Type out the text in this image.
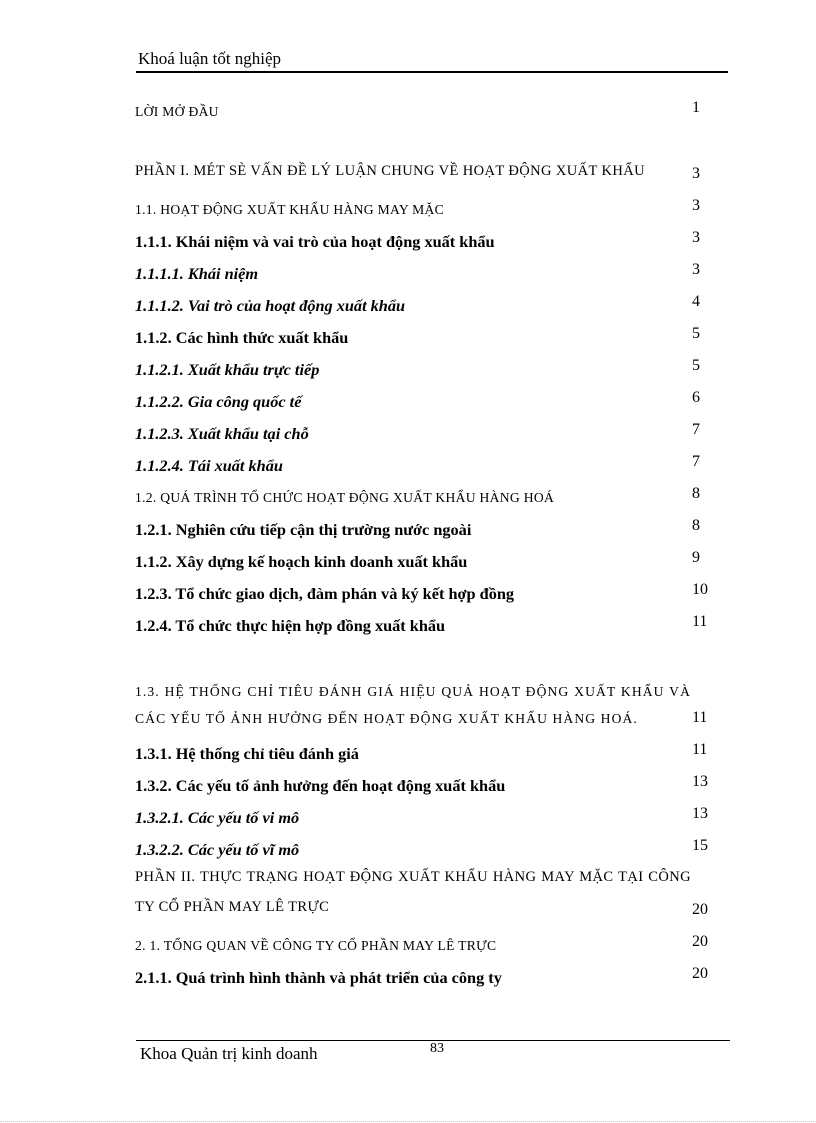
Khoá luận tốt nghiệp
LỜI MỞ ĐẦU	1
PHẦN I. MÉT SÈ VẤN ĐỀ LÝ LUẬN CHUNG VỀ HOẠT ĐỘNG XUẤT KHẨU	3
1.1. HOẠT ĐỘNG XUẤT KHẨU HÀNG MAY MẶC	3
1.1.1. Khái niệm và vai trò của hoạt động xuất khẩu	3
1.1.1.1. Khái niệm	3
1.1.1.2. Vai trò của hoạt động xuất khẩu	4
1.1.2. Các hình thức xuất khẩu	5
1.1.2.1. Xuất khẩu trực tiếp	5
1.1.2.2. Gia công quốc tế	6
1.1.2.3. Xuất khẩu tại chỗ	7
1.1.2.4. Tái xuất khẩu	7
1.2. QUÁ TRÌNH TỔ CHỨC HOẠT ĐỘNG XUẤT KHẨU HÀNG HOÁ	8
1.2.1. Nghiên cứu tiếp cận thị trường nước ngoài	8
1.1.2. Xây dựng kế hoạch kinh doanh xuất khẩu	9
1.2.3. Tổ chức giao dịch, đàm phán và ký kết hợp đồng	10
1.2.4. Tổ chức thực hiện hợp đồng xuất khẩu	11
1.3. HỆ THỐNG CHỈ TIÊU ĐÁNH GIÁ HIỆU QUẢ HOẠT ĐỘNG XUẤT KHẨU VÀ CÁC YẾU TỐ ẢNH HƯỞNG ĐẾN HOẠT ĐỘNG XUẤT KHẨU HÀNG HOÁ.	11
1.3.1. Hệ thống chỉ tiêu đánh giá	11
1.3.2. Các yếu tố ảnh hưởng đến hoạt động xuất khẩu	13
1.3.2.1. Các yếu tố vi mô	13
1.3.2.2. Các yếu tố vĩ mô	15
PHẦN II. THỰC TRẠNG HOẠT ĐỘNG XUẤT KHẨU HÀNG MAY MẶC TẠI CÔNG TY CỔ PHẦN MAY LÊ TRỰC	20
2. 1. TỔNG QUAN VỀ CÔNG TY CỔ PHẦN MAY LÊ TRỰC	20
2.1.1. Quá trình hình thành và phát triển của công ty	20
Khoa Quản trị kinh doanh	83
